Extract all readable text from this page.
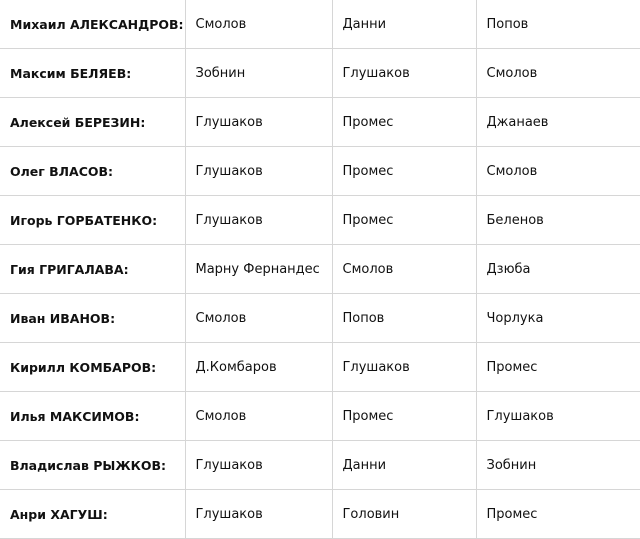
Михаил АЛЕКСАНДРОВ:	Смолов	Данни	Попов
Максим БЕЛЯЕВ:	Зобнин	Глушаков	Смолов
Алексей БЕРЕЗИН:	Глушаков	Промес	Джанаев
Олег ВЛАСОВ:	Глушаков	Промес	Смолов
Игорь ГОРБАТЕНКО:	Глушаков	Промес	Беленов
Гия ГРИГАЛАВА:	Марну Фернандес	Смолов	Дзюба
Иван ИВАНОВ:	Смолов	Попов	Чорлука
Кирилл КОМБАРОВ:	Д.Комбаров	Глушаков	Промес
Илья МАКСИМОВ:	Смолов	Промес	Глушаков
Владислав РЫЖКОВ:	Глушаков	Данни	Зобнин
Анри ХАГУШ:	Глушаков	Головин	Промес
